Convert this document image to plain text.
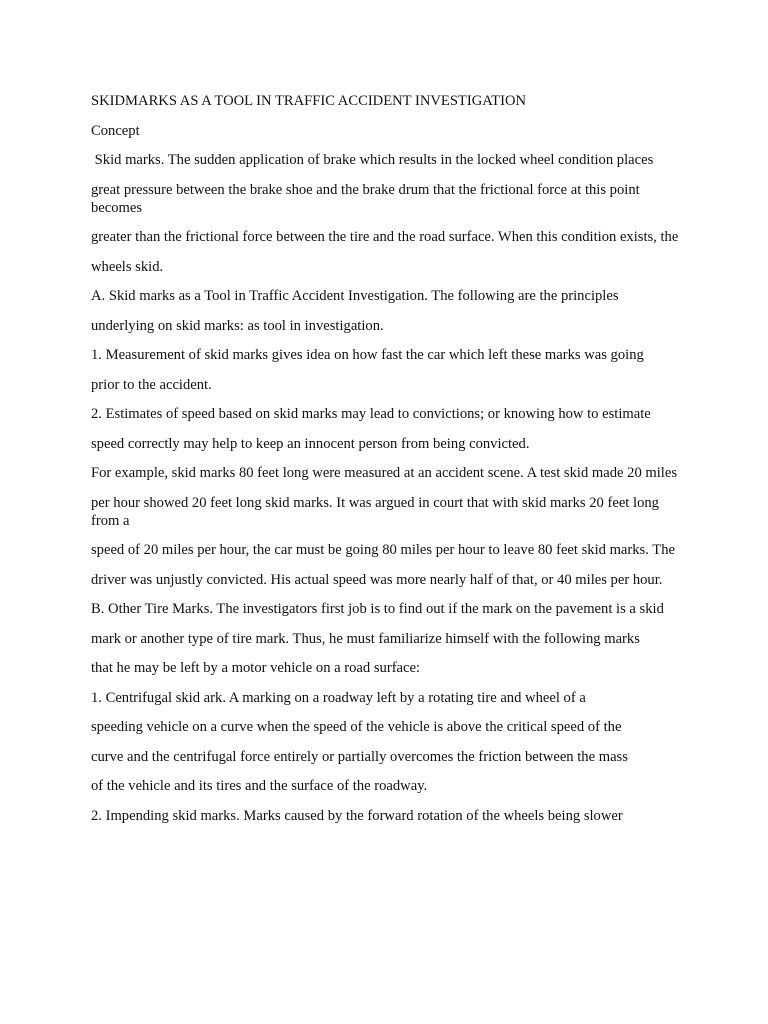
SKIDMARKS AS A TOOL IN TRAFFIC ACCIDENT INVESTIGATION

Concept

Skid marks. The sudden application of brake which results in the locked wheel condition places

great pressure between the brake shoe and the brake drum that the frictional force at this point becomes

greater than the frictional force between the tire and the road surface. When this condition exists, the

wheels skid.

A. Skid marks as a Tool in Traffic Accident Investigation. The following are the principles

underlying on skid marks: as tool in investigation.

1. Measurement of skid marks gives idea on how fast the car which left these marks was going

prior to the accident.

2. Estimates of speed based on skid marks may lead to convictions; or knowing how to estimate

speed correctly may help to keep an innocent person from being convicted.

For example, skid marks 80 feet long were measured at an accident scene. A test skid made 20 miles

per hour showed 20 feet long skid marks. It was argued in court that with skid marks 20 feet long from a

speed of 20 miles per hour, the car must be going 80 miles per hour to leave 80 feet skid marks. The

driver was unjustly convicted. His actual speed was more nearly half of that, or 40 miles per hour.

B. Other Tire Marks. The investigators first job is to find out if the mark on the pavement is a skid

mark or another type of tire mark. Thus, he must familiarize himself with the following marks

that he may be left by a motor vehicle on a road surface:

1. Centrifugal skid ark. A marking on a roadway left by a rotating tire and wheel of a

speeding vehicle on a curve when the speed of the vehicle is above the critical speed of the

curve and the centrifugal force entirely or partially overcomes the friction between the mass

of the vehicle and its tires and the surface of the roadway.

2. Impending skid marks. Marks caused by the forward rotation of the wheels being slower
